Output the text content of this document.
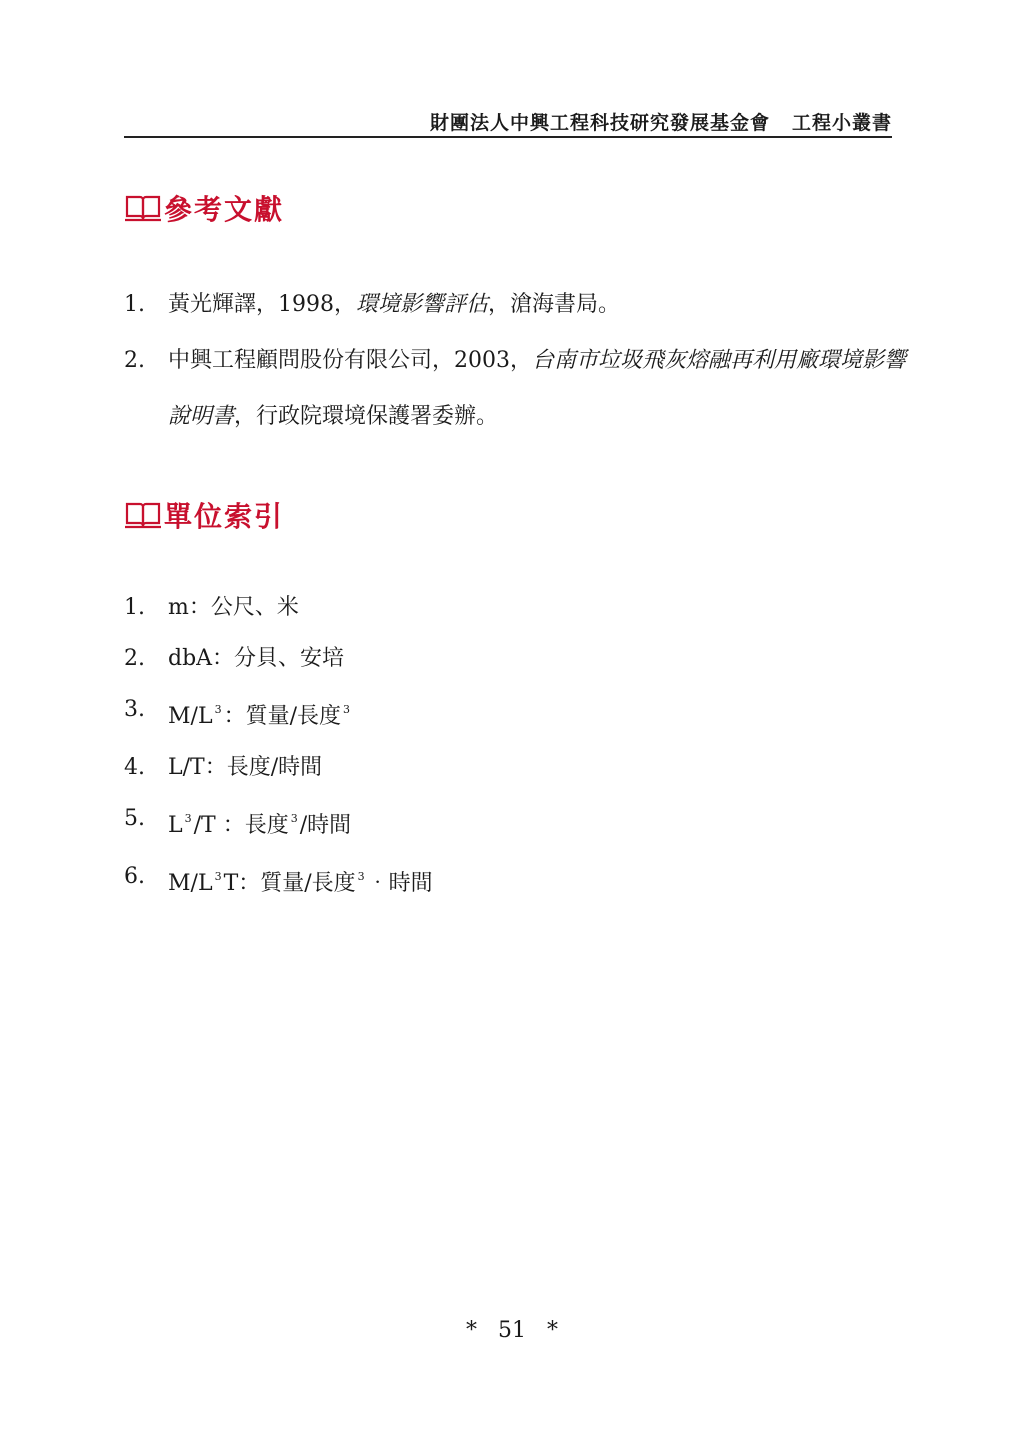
財團法人中興工程科技研究發展基金會 工程小叢書
參考文獻
1. 黃光輝譯，1998，環境影響評估，滄海書局。
2. 中興工程顧問股份有限公司，2003，台南市垃圾飛灰熔融再利用廠環境影響說明書，行政院環境保護署委辦。
單位索引
1. m：公尺、米
2. dbA：分貝、安培
3. M/L $^3$：質量/長度 $^3$
4. L/T：長度/時間
5. L $^3$/T ：長度 $^3$/時間
6. M/L $^3$T：質量/長度 $^3$‧時間
* 51 *
